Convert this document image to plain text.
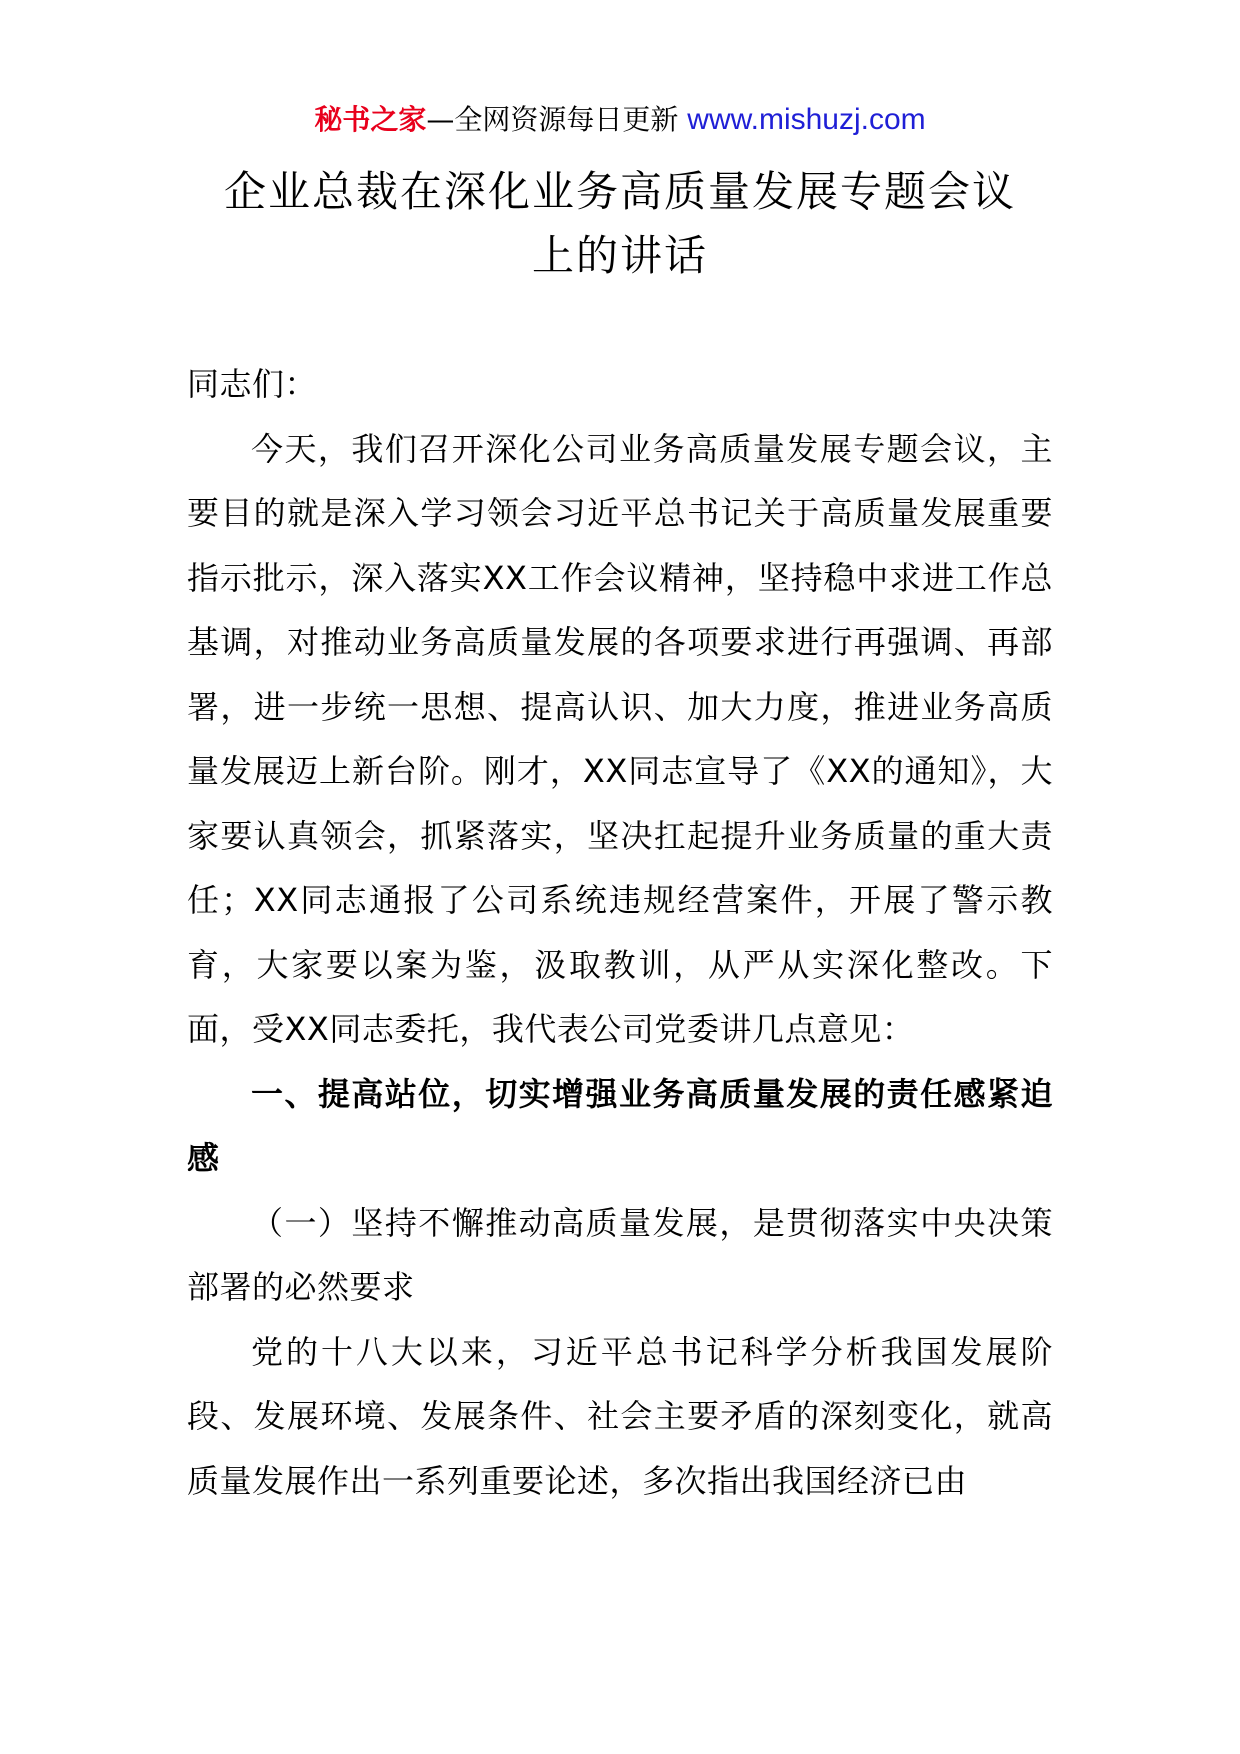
秘书之家—全网资源每日更新 www.mishuzj.com
企业总裁在深化业务高质量发展专题会议
上的讲话

同志们：

今天，我们召开深化公司业务高质量发展专题会议，主要目的就是深入学习领会习近平总书记关于高质量发展重要指示批示，深入落实XX工作会议精神，坚持稳中求进工作总基调，对推动业务高质量发展的各项要求进行再强调、再部署，进一步统一思想、提高认识、加大力度，推进业务高质量发展迈上新台阶。刚才，XX同志宣导了《XX的通知》，大家要认真领会，抓紧落实，坚决扛起提升业务质量的重大责任；XX同志通报了公司系统违规经营案件，开展了警示教育，大家要以案为鉴，汲取教训，从严从实深化整改。下面，受XX同志委托，我代表公司党委讲几点意见：

一、提高站位，切实增强业务高质量发展的责任感紧迫感

（一）坚持不懈推动高质量发展，是贯彻落实中央决策部署的必然要求

党的十八大以来，习近平总书记科学分析我国发展阶段、发展环境、发展条件、社会主要矛盾的深刻变化，就高质量发展作出一系列重要论述，多次指出我国经济已由
